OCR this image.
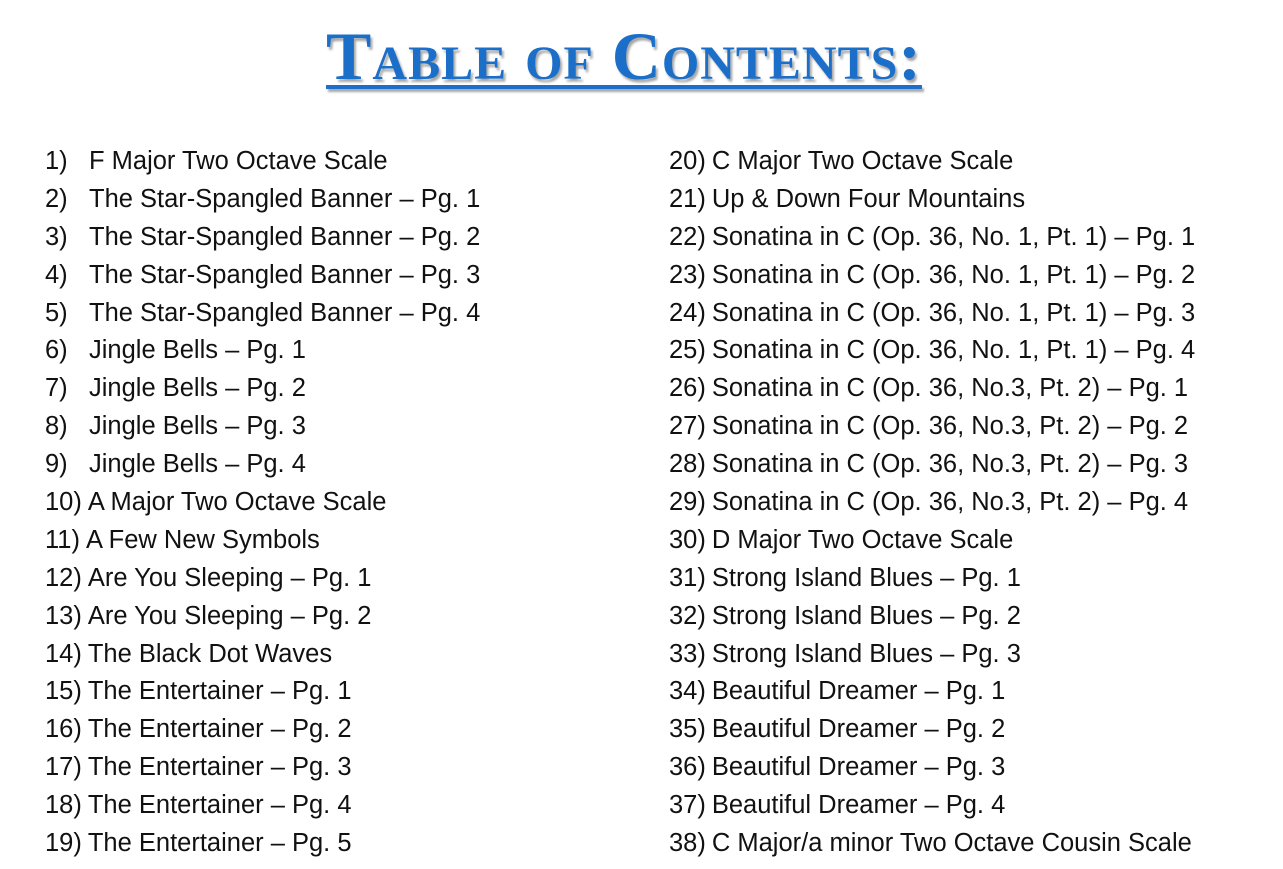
Table of Contents:
1) F Major Two Octave Scale
2) The Star-Spangled Banner – Pg. 1
3) The Star-Spangled Banner – Pg. 2
4) The Star-Spangled Banner – Pg. 3
5) The Star-Spangled Banner – Pg. 4
6) Jingle Bells – Pg. 1
7) Jingle Bells – Pg. 2
8) Jingle Bells – Pg. 3
9) Jingle Bells – Pg. 4
10) A Major Two Octave Scale
11) A Few New Symbols
12) Are You Sleeping – Pg. 1
13) Are You Sleeping – Pg. 2
14) The Black Dot Waves
15) The Entertainer – Pg. 1
16) The Entertainer – Pg. 2
17) The Entertainer – Pg. 3
18) The Entertainer – Pg. 4
19) The Entertainer – Pg. 5
20) C Major Two Octave Scale
21) Up & Down Four Mountains
22) Sonatina in C (Op. 36, No. 1, Pt. 1) – Pg. 1
23) Sonatina in C (Op. 36, No. 1, Pt. 1) – Pg. 2
24) Sonatina in C (Op. 36, No. 1, Pt. 1) – Pg. 3
25) Sonatina in C (Op. 36, No. 1, Pt. 1) – Pg. 4
26) Sonatina in C (Op. 36, No.3, Pt. 2) – Pg. 1
27) Sonatina in C (Op. 36, No.3, Pt. 2) – Pg. 2
28) Sonatina in C (Op. 36, No.3, Pt. 2) – Pg. 3
29) Sonatina in C (Op. 36, No.3, Pt. 2) – Pg. 4
30) D Major Two Octave Scale
31) Strong Island Blues – Pg. 1
32) Strong Island Blues – Pg. 2
33) Strong Island Blues – Pg. 3
34) Beautiful Dreamer – Pg. 1
35) Beautiful Dreamer – Pg. 2
36) Beautiful Dreamer – Pg. 3
37) Beautiful Dreamer – Pg. 4
38) C Major/a minor Two Octave Cousin Scale
